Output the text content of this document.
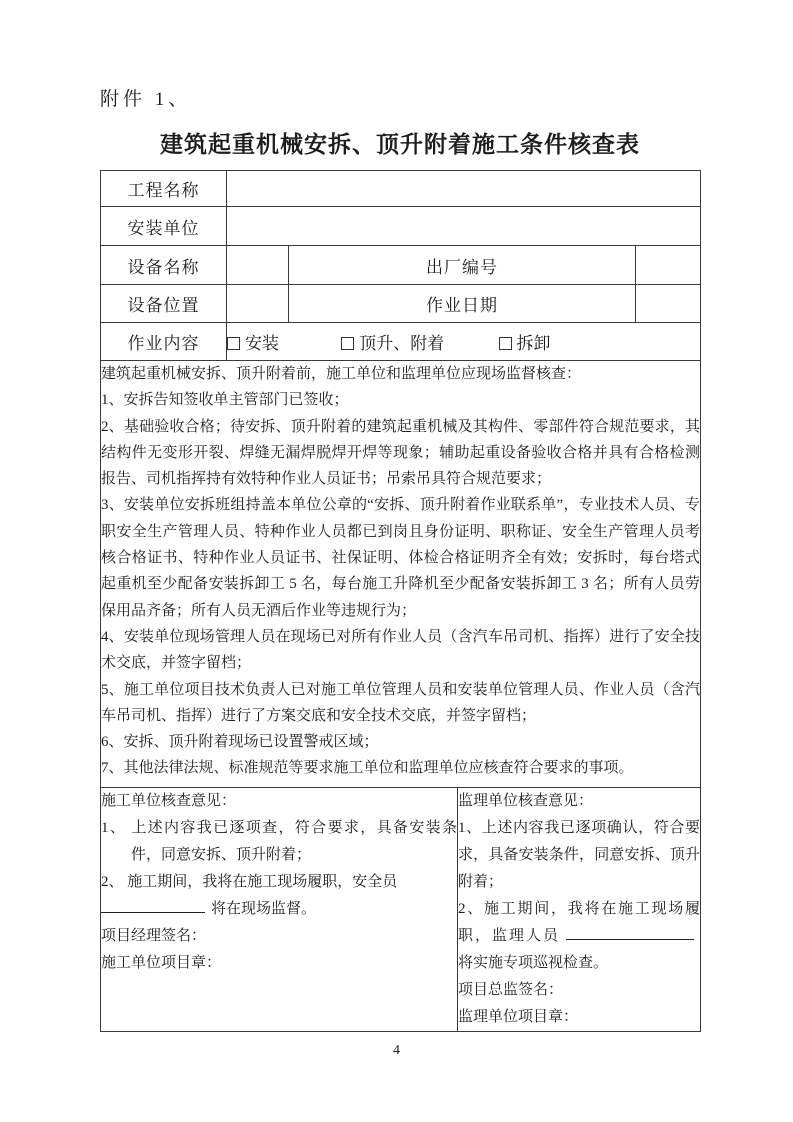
附件 1、
建筑起重机械安拆、顶升附着施工条件核查表
工程名称				
安装单位				
设备名称		出厂编号		
设备位置		作业日期		
作业内容	安装 顶升、附着 拆卸			

建筑起重机械安拆、顶升附着前，施工单位和监理单位应现场监督核查：

1、安拆告知签收单主管部门已签收；

2、基础验收合格；待安拆、顶升附着的建筑起重机械及其构件、零部件符合规范要求，其结构件无变形开裂、焊缝无漏焊脱焊开焊等现象；辅助起重设备验收合格并具有合格检测报告、司机指挥持有效特种作业人员证书；吊索吊具符合规范要求；

3、安装单位安拆班组持盖本单位公章的“安拆、顶升附着作业联系单”，专业技术人员、专职安全生产管理人员、特种作业人员都已到岗且身份证明、职称证、安全生产管理人员考核合格证书、特种作业人员证书、社保证明、体检合格证明齐全有效；安拆时，每台塔式起重机至少配备安装拆卸工 5 名，每台施工升降机至少配备安装拆卸工 3 名；所有人员劳保用品齐备；所有人员无酒后作业等违规行为；

4、安装单位现场管理人员在现场已对所有作业人员（含汽车吊司机、指挥）进行了安全技术交底，并签字留档；

5、施工单位项目技术负责人已对施工单位管理人员和安装单位管理人员、作业人员（含汽车吊司机、指挥）进行了方案交底和安全技术交底，并签字留档；

6、安拆、顶升附着现场已设置警戒区域；

7、其他法律法规、标准规范等要求施工单位和监理单位应核查符合要求的事项。

施工单位核查意见：

1、 上述内容我已逐项查，符合要求，具备安装条件，同意安拆、顶升附着；

2、 施工期间，我将在施工现场履职，安全员

将在现场监督。

项目经理签名：

施工单位项目章：

监理单位核查意见：

1、上述内容我已逐项确认，符合要求，具备安装条件，同意安拆、顶升附着；

2、施工期间，我将在施工现场履职，监理人员将实施专项巡视检查。

项目总监签名：

监理单位项目章：

4
